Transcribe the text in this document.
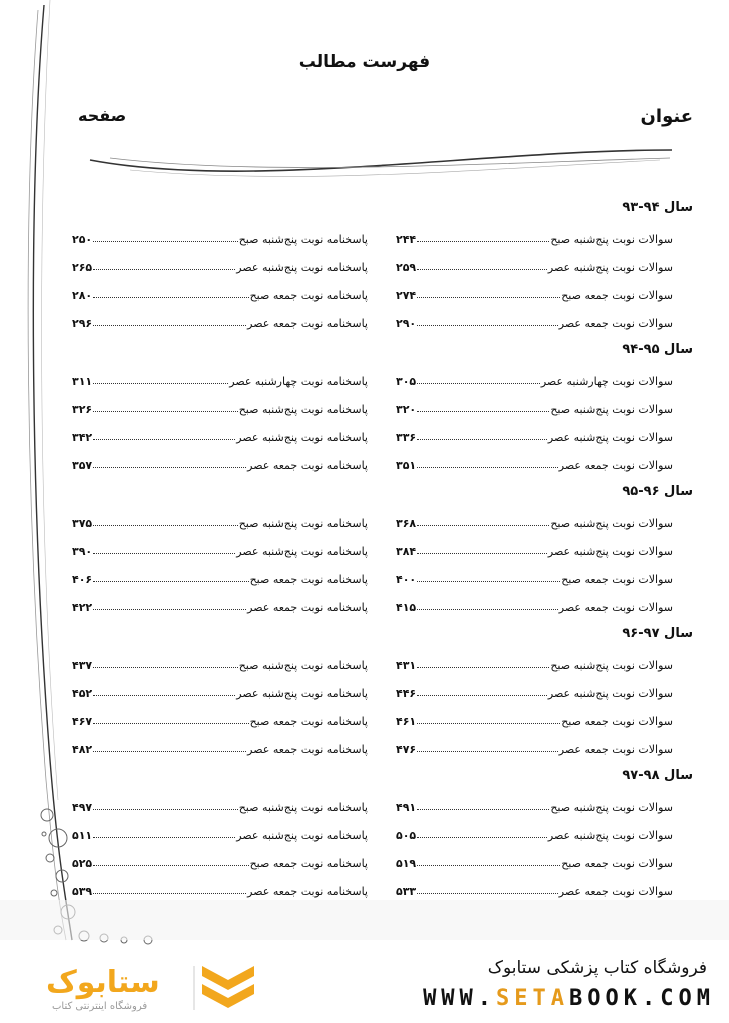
فهرست مطالب
عنوان
صفحه
سال ۹۴-۹۳
سوالات نوبت پنج‌شنبه صبح
۲۴۴
سوالات نوبت پنج‌شنبه عصر
۲۵۹
سوالات نوبت جمعه صبح
۲۷۴
سوالات نوبت جمعه عصر
۲۹۰
پاسخنامه نوبت پنج‌شنبه صبح
۲۵۰
پاسخنامه نوبت پنج‌شنبه عصر
۲۶۵
پاسخنامه نوبت جمعه صبح
۲۸۰
پاسخنامه نوبت جمعه عصر
۲۹۶
سال ۹۵-۹۴
سوالات نوبت چهارشنبه عصر
۳۰۵
سوالات نوبت پنج‌شنبه صبح
۳۲۰
سوالات نوبت پنج‌شنبه عصر
۳۳۶
سوالات نوبت جمعه عصر
۳۵۱
پاسخنامه نوبت چهارشنبه عصر
۳۱۱
پاسخنامه نوبت پنج‌شنبه صبح
۳۲۶
پاسخنامه نوبت پنج‌شنبه عصر
۳۴۲
پاسخنامه نوبت جمعه عصر
۳۵۷
سال ۹۶-۹۵
سوالات نوبت پنج‌شنبه صبح
۳۶۸
سوالات نوبت پنج‌شنبه عصر
۳۸۴
سوالات نوبت جمعه صبح
۴۰۰
سوالات نوبت جمعه عصر
۴۱۵
پاسخنامه نوبت پنج‌شنبه صبح
۳۷۵
پاسخنامه نوبت پنج‌شنبه عصر
۳۹۰
پاسخنامه نوبت جمعه صبح
۴۰۶
پاسخنامه نوبت جمعه عصر
۴۲۲
سال ۹۷-۹۶
سوالات نوبت پنج‌شنبه صبح
۴۳۱
سوالات نوبت پنج‌شنبه عصر
۴۴۶
سوالات نوبت جمعه صبح
۴۶۱
سوالات نوبت جمعه عصر
۴۷۶
پاسخنامه نوبت پنج‌شنبه صبح
۴۳۷
پاسخنامه نوبت پنج‌شنبه عصر
۴۵۲
پاسخنامه نوبت جمعه صبح
۴۶۷
پاسخنامه نوبت جمعه عصر
۴۸۲
سال ۹۸-۹۷
سوالات نوبت پنج‌شنبه صبح
۴۹۱
سوالات نوبت پنج‌شنبه عصر
۵۰۵
سوالات نوبت جمعه صبح
۵۱۹
سوالات نوبت جمعه عصر
۵۳۳
پاسخنامه نوبت پنج‌شنبه صبح
۴۹۷
پاسخنامه نوبت پنج‌شنبه عصر
۵۱۱
پاسخنامه نوبت جمعه صبح
۵۲۵
پاسخنامه نوبت جمعه عصر
۵۳۹
فروشگاه کتاب پزشکی ستابوک
WWW.SETABOOK.COM
ستابوک
فروشگاه اینترنتی کتاب
